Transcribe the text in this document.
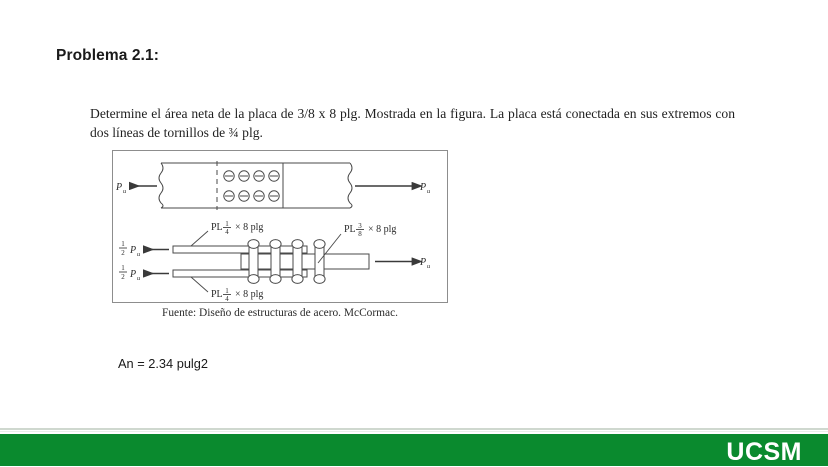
Problema 2.1:
Determine el área neta de la placa de 3/8 x 8 plg. Mostrada en la figura. La placa está conectada en sus extremos con dos líneas de tornillos de ¾ plg.
P u	P u
PL 1
4 × 8 plg
PL 1
4 × 8 plg
PL 3
8 × 8 plg
1
2 P u
1
2 P u
P u
Fuente: Diseño de estructuras de acero. McCormac.
An = 2.34 pulg2
UCSM
